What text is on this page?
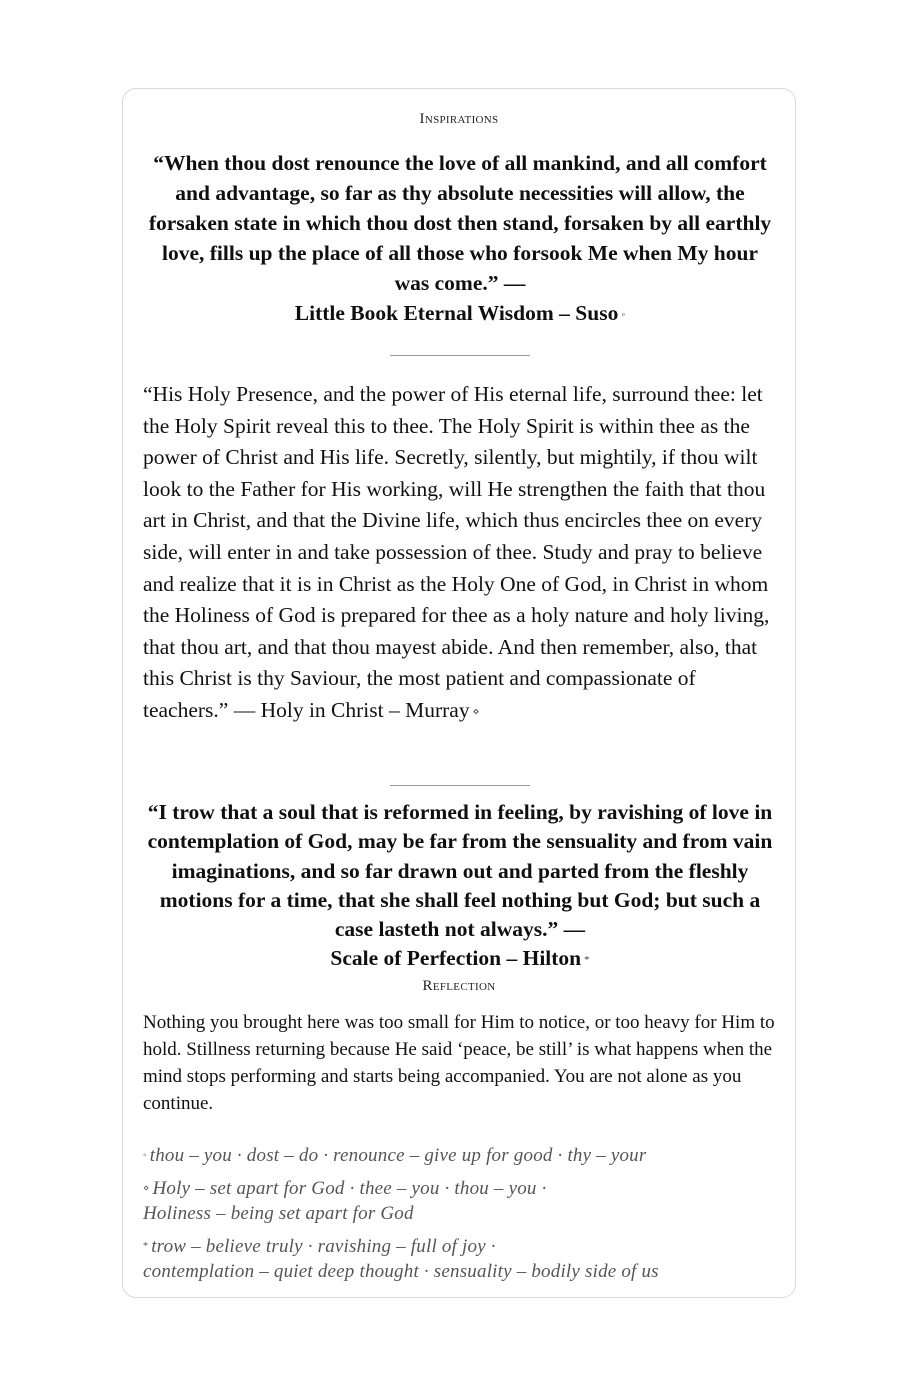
Inspirations
“When thou dost renounce the love of all mankind, and all comfort and advantage, so far as thy absolute necessities will allow, the forsaken state in which thou dost then stand, forsaken by all earthly love, fills up the place of all those who forsook Me when My hour was come.” —
Little Book Eternal Wisdom – Suso ◦
“His Holy Presence, and the power of His eternal life, surround thee: let the Holy Spirit reveal this to thee. The Holy Spirit is within thee as the power of Christ and His life. Secretly, silently, but mightily, if thou wilt look to the Father for His working, will He strengthen the faith that thou art in Christ, and that the Divine life, which thus encircles thee on every side, will enter in and take possession of thee. Study and pray to believe and realize that it is in Christ as the Holy One of God, in Christ in whom the Holiness of God is prepared for thee as a holy nature and holy living, that thou art, and that thou mayest abide. And then remember, also, that this Christ is thy Saviour, the most patient and compassionate of teachers.” — Holy in Christ – Murray ⋄
“I trow that a soul that is reformed in feeling, by ravishing of love in contemplation of God, may be far from the sensuality and from vain imaginations, and so far drawn out and parted from the fleshly motions for a time, that she shall feel nothing but God; but such a case lasteth not always.” —
Scale of Perfection – Hilton *
Reflection
Nothing you brought here was too small for Him to notice, or too heavy for Him to hold. Stillness returning because He said ‘peace, be still’ is what happens when the mind stops performing and starts being accompanied. You are not alone as you continue.
◦ thou – you · dost – do · renounce – give up for good · thy – your
⋄ Holy – set apart for God · thee – you · thou – you ·
Holiness – being set apart for God
* trow – believe truly · ravishing – full of joy ·
contemplation – quiet deep thought · sensuality – bodily side of us
